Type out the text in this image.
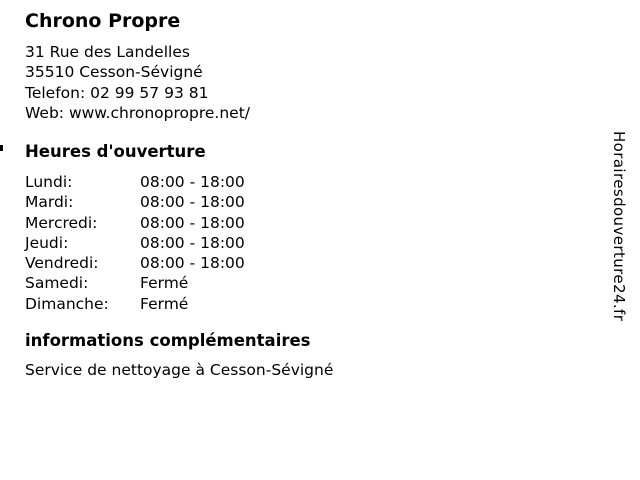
Chrono Propre
31 Rue des Landelles
35510 Cesson-Sévigné
Telefon: 02 99 57 93 81
Web: www.chronopropre.net/
Heures d'ouverture
Lundi:	08:00 - 18:00
Mardi:	08:00 - 18:00
Mercredi:	08:00 - 18:00
Jeudi:	08:00 - 18:00
Vendredi:	08:00 - 18:00
Samedi:	Fermé
Dimanche:	Fermé
informations complémentaires
Service de nettoyage à Cesson-Sévigné
Horairesdouverture24.fr
